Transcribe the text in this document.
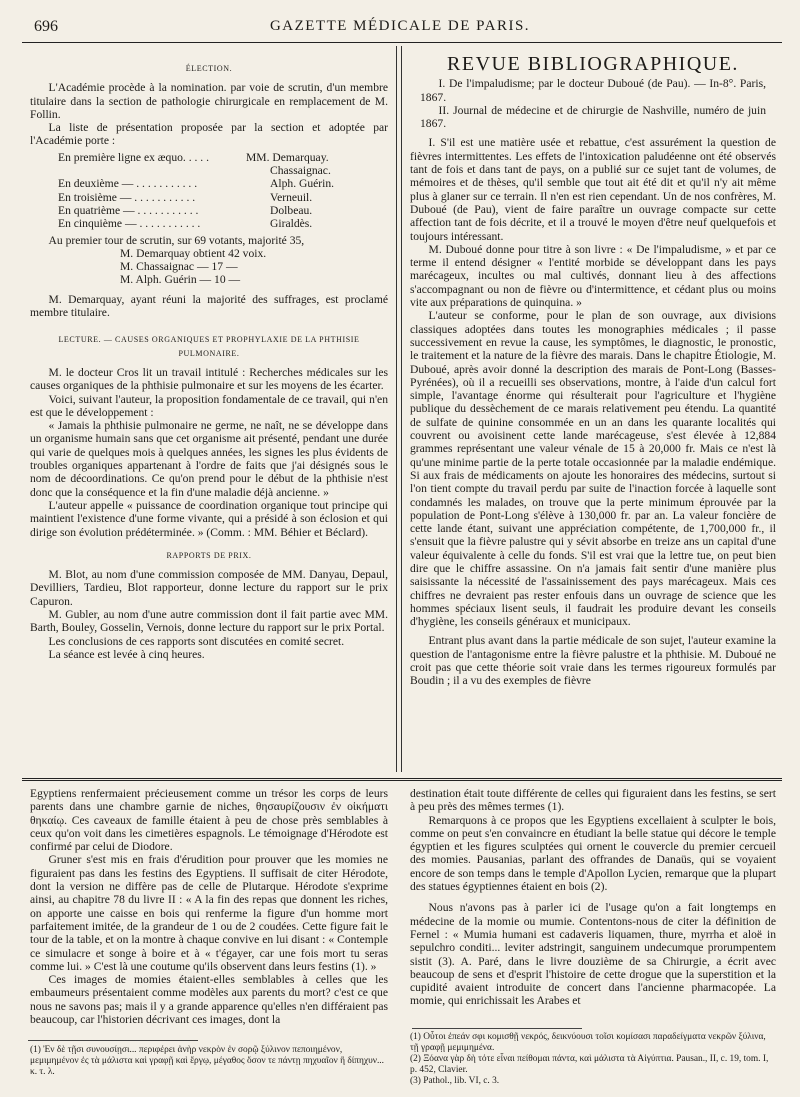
696	GAZETTE MÉDICALE DE PARIS.
ÉLECTION.

L'Académie procède à la nomination. par voie de scrutin, d'un membre titulaire dans la section de pathologie chirurgicale en remplacement de M. Follin.

La liste de présentation proposée par la section et adoptée par l'Académie porte :

En première ligne ex æquo. . . . .	MM. Demarquay.
	Chassaignac.
En deuxième — . . . . . . . . . . .	Alph. Guérin.
En troisième — . . . . . . . . . . .	Verneuil.
En quatrième — . . . . . . . . . . .	Dolbeau.
En cinquième — . . . . . . . . . . .	Giraldès.

Au premier tour de scrutin, sur 69 votants, majorité 35,

M. Demarquay obtient 42 voix.
M. Chassaignac — 17 —
M. Alph. Guérin — 10 —

M. Demarquay, ayant réuni la majorité des suffrages, est proclamé membre titulaire.

LECTURE. — CAUSES ORGANIQUES ET PROPHYLAXIE DE LA PHTHISIE PULMONAIRE.

M. le docteur Cros lit un travail intitulé : Recherches médicales sur les causes organiques de la phthisie pulmonaire et sur les moyens de les écarter.

Voici, suivant l'auteur, la proposition fondamentale de ce travail, qui n'en est que le développement :

« Jamais la phthisie pulmonaire ne germe, ne naît, ne se développe dans un organisme humain sans que cet organisme ait présenté, pendant une durée qui varie de quelques mois à quelques années, les signes les plus évidents de troubles organiques appartenant à l'ordre de faits que j'ai désignés sous le nom de décoordinations. Ce qu'on prend pour le début de la phthisie n'est donc que la conséquence et la fin d'une maladie déjà ancienne. »

L'auteur appelle « puissance de coordination organique tout principe qui maintient l'existence d'une forme vivante, qui a présidé à son éclosion et qui dirige son évolution prédéterminée. » (Comm. : MM. Béhier et Béclard).

RAPPORTS DE PRIX.

M. Blot, au nom d'une commission composée de MM. Danyau, Depaul, Devilliers, Tardieu, Blot rapporteur, donne lecture du rapport sur le prix Capuron.

M. Gubler, au nom d'une autre commission dont il fait partie avec MM. Barth, Bouley, Gosselin, Vernois, donne lecture du rapport sur le prix Portal.

Les conclusions de ces rapports sont discutées en comité secret.

La séance est levée à cinq heures.

REVUE BIBLIOGRAPHIQUE.

I. De l'impaludisme; par le docteur Duboué (de Pau). — In-8°. Paris, 1867.

II. Journal de médecine et de chirurgie de Nashville, numéro de juin 1867.

I. S'il est une matière usée et rebattue, c'est assurément la question de fièvres intermittentes. Les effets de l'intoxication paludéenne ont été observés tant de fois et dans tant de pays, on a publié sur ce sujet tant de volumes, de mémoires et de thèses, qu'il semble que tout ait été dit et qu'il n'y ait même plus à glaner sur ce terrain. Il n'en est rien cependant. Un de nos confrères, M. Duboué (de Pau), vient de faire paraître un ouvrage compacte sur cette affection tant de fois décrite, et il a trouvé le moyen d'être neuf quelquefois et toujours intéressant.

M. Duboué donne pour titre à son livre : « De l'impaludisme, » et par ce terme il entend désigner « l'entité morbide se développant dans les pays marécageux, incultes ou mal cultivés, donnant lieu à des affections s'accompagnant ou non de fièvre ou d'intermittence, et cédant plus ou moins vite aux préparations de quinquina. »

L'auteur se conforme, pour le plan de son ouvrage, aux divisions classiques adoptées dans toutes les monographies médicales ; il passe successivement en revue la cause, les symptômes, le diagnostic, le pronostic, le traitement et la nature de la fièvre des marais. Dans le chapitre Étiologie, M. Duboué, après avoir donné la description des marais de Pont-Long (Basses-Pyrénées), où il a recueilli ses observations, montre, à l'aide d'un calcul fort simple, l'avantage énorme qui résulterait pour l'agriculture et l'hygiène publique du dessèchement de ce marais relativement peu étendu. La quantité de sulfate de quinine consommée en un an dans les quarante localités qui couvrent ou avoisinent cette lande marécageuse, s'est élevée à 12,884 grammes représentant une valeur vénale de 15 à 20,000 fr. Mais ce n'est là qu'une minime partie de la perte totale occasionnée par la maladie endémique. Si aux frais de médicaments on ajoute les honoraires des médecins, surtout si l'on tient compte du travail perdu par suite de l'inaction forcée à laquelle sont condamnés les malades, on trouve que la perte minimum éprouvée par la population de Pont-Long s'élève à 130,000 fr. par an. La valeur foncière de cette lande étant, suivant une appréciation compétente, de 1,700,000 fr., il s'ensuit que la fièvre palustre qui y sévit absorbe en treize ans un capital d'une valeur équivalente à celle du fonds. S'il est vrai que la lettre tue, on peut bien dire que le chiffre assassine. On n'a jamais fait sentir d'une manière plus saisissante la nécessité de l'assainissement des pays marécageux. Mais ces chiffres ne devraient pas rester enfouis dans un ouvrage de science que les hommes spéciaux lisent seuls, il faudrait les produire devant les conseils d'hygiène, les conseils généraux et municipaux.

Entrant plus avant dans la partie médicale de son sujet, l'auteur examine la question de l'antagonisme entre la fièvre palustre et la phthisie. M. Duboué ne croit pas que cette théorie soit vraie dans les termes rigoureux formulés par Boudin ; il a vu des exemples de fièvre

Egyptiens renfermaient précieusement comme un trésor les corps de leurs parents dans une chambre garnie de niches, θησαυρίζουσιν ἐν οἰκήματι θηκαίῳ. Ces caveaux de famille étaient à peu de chose près semblables à ceux qu'on voit dans les cimetières espagnols. Le témoignage d'Hérodote est confirmé par celui de Diodore.

Gruner s'est mis en frais d'érudition pour prouver que les momies ne figuraient pas dans les festins des Egyptiens. Il suffisait de citer Hérodote, dont la version ne diffère pas de celle de Plutarque. Hérodote s'exprime ainsi, au chapitre 78 du livre II : « A la fin des repas que donnent les riches, on apporte une caisse en bois qui renferme la figure d'un homme mort parfaitement imitée, de la grandeur de 1 ou de 2 coudées. Cette figure fait le tour de la table, et on la montre à chaque convive en lui disant : « Contemple ce simulacre et songe à boire et à « t'égayer, car une fois mort tu seras comme lui. » C'est là une coutume qu'ils observent dans leurs festins (1). »

Ces images de momies étaient-elles semblables à celles que les embaumeurs présentaient comme modèles aux parents du mort? c'est ce que nous ne savons pas; mais il y a grande apparence qu'elles n'en différaient pas beaucoup, car l'historien décrivant ces images, dont la

(1) Ἐν δὲ τῇσι συνουσίῃσι... περιφέρει ἀνὴρ νεκρὸν ἐν σορῷ ξύλινον πεποιημένον, μεμιμημένον ἐς τὰ μάλιστα καὶ γραφῇ καὶ ἔργῳ, μέγαθος ὅσον τε πάντῃ πηχυαῖον ἢ δίπηχυν... κ. τ. λ.

destination était toute différente de celles qui figuraient dans les festins, se sert à peu près des mêmes termes (1).

Remarquons à ce propos que les Egyptiens excellaient à sculpter le bois, comme on peut s'en convaincre en étudiant la belle statue qui décore le temple égyptien et les figures sculptées qui ornent le couvercle du premier cercueil des momies. Pausanias, parlant des offrandes de Danaüs, qui se voyaient encore de son temps dans le temple d'Apollon Lycien, remarque que la plupart des statues égyptiennes étaient en bois (2).

Nous n'avons pas à parler ici de l'usage qu'on a fait longtemps en médecine de la momie ou mumie. Contentons-nous de citer la définition de Fernel : « Mumia humani est cadaveris liquamen, thure, myrrha et aloë in sepulchro conditi... leviter adstringit, sanguinem undecumque prorumpentem sistit (3). A. Paré, dans le livre douzième de sa Chirurgie, a écrit avec beaucoup de sens et d'esprit l'histoire de cette drogue que la superstition et la cupidité avaient introduite de concert dans l'ancienne pharmacopée. La momie, qui enrichissait les Arabes et

(1) Οὗτοι ἐπεάν σφι κομισθῇ νεκρός, δεικνύουσι τοῖσι κομίσασι παραδείγματα νεκρῶν ξύλινα, τῇ γραφῇ μεμιμημένα.
(2) Ξόανα γὰρ δὴ τότε εἶναι πείθομαι πάντα, καὶ μάλιστα τὰ Αἰγύπτια. Pausan., II, c. 19, tom. I, p. 452, Clavier.
(3) Pathol., lib. VI, c. 3.
